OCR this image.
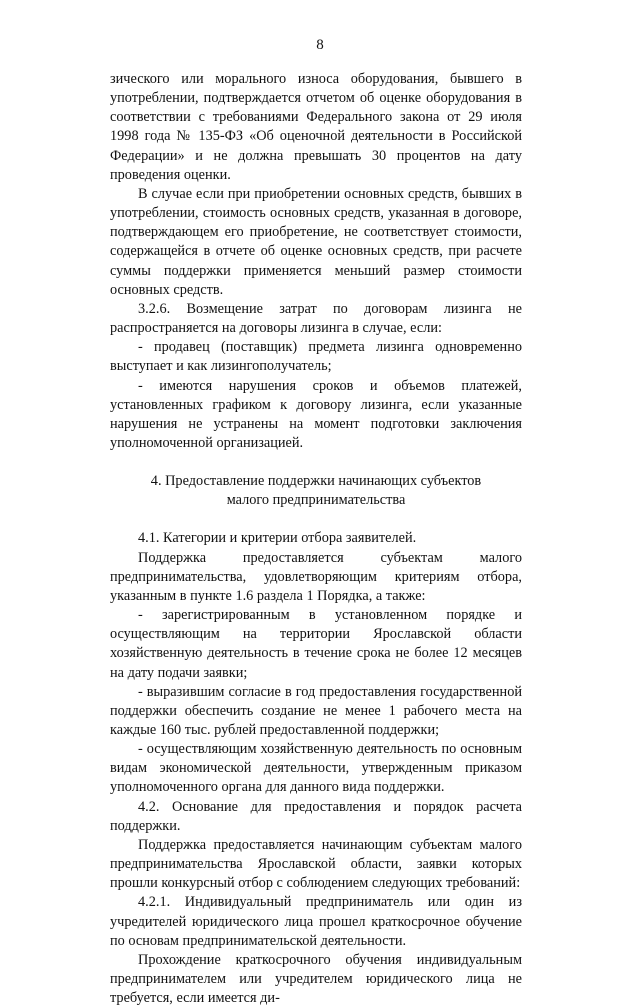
8

зического или морального износа оборудования, бывшего в употреблении, подтверждается отчетом об оценке оборудования в соответствии с требованиями Федерального закона от 29 июля 1998 года № 135-ФЗ «Об оценочной деятельности в Российской Федерации» и не должна превышать 30 процентов на дату проведения оценки.

В случае если при приобретении основных средств, бывших в употреблении, стоимость основных средств, указанная в договоре, подтверждающем его приобретение, не соответствует стоимости, содержащейся в отчете об оценке основных средств, при расчете суммы поддержки применяется меньший размер стоимости основных средств.

3.2.6. Возмещение затрат по договорам лизинга не распространяется на договоры лизинга в случае, если:

- продавец (поставщик) предмета лизинга одновременно выступает и как лизингополучатель;

- имеются нарушения сроков и объемов платежей, установленных графиком к договору лизинга, если указанные нарушения не устранены на момент подготовки заключения уполномоченной организацией.

4. Предоставление поддержки начинающих субъектов малого предпринимательства

4.1. Категории и критерии отбора заявителей.

Поддержка предоставляется субъектам малого предпринимательства, удовлетворяющим критериям отбора, указанным в пункте 1.6 раздела 1 Порядка, а также:

- зарегистрированным в установленном порядке и осуществляющим на территории Ярославской области хозяйственную деятельность в течение срока не более 12 месяцев на дату подачи заявки;

- выразившим согласие в год предоставления государственной поддержки обеспечить создание не менее 1 рабочего места на каждые 160 тыс. рублей предоставленной поддержки;

- осуществляющим хозяйственную деятельность по основным видам экономической деятельности, утвержденным приказом уполномоченного органа для данного вида поддержки.

4.2. Основание для предоставления и порядок расчета поддержки.

Поддержка предоставляется начинающим субъектам малого предпринимательства Ярославской области, заявки которых прошли конкурсный отбор с соблюдением следующих требований:

4.2.1. Индивидуальный предприниматель или один из учредителей юридического лица прошел краткосрочное обучение по основам предпринимательской деятельности.

Прохождение краткосрочного обучения индивидуальным предпринимателем или учредителем юридического лица не требуется, если имеется ди-
